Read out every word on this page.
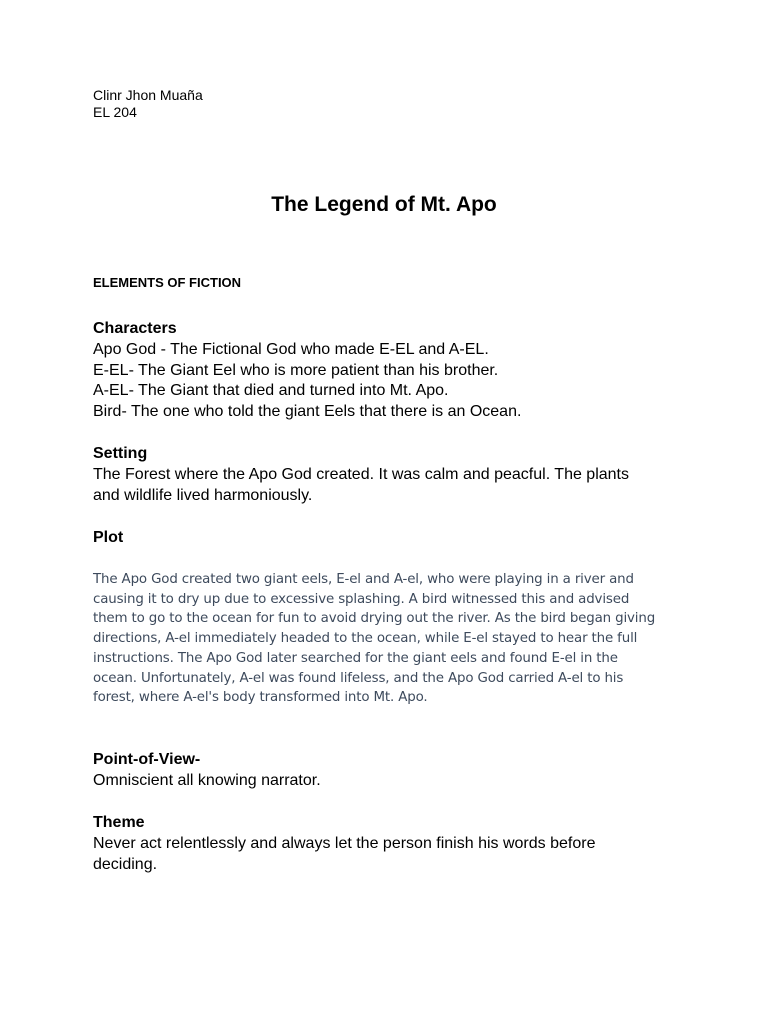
Clinr Jhon Muaña
EL 204
The Legend of Mt. Apo
ELEMENTS OF FICTION
Characters
Apo God - The Fictional God who made E-EL and A-EL.
E-EL- The Giant Eel who is more patient than his brother.
A-EL- The Giant that died and turned into Mt. Apo.
Bird- The one who told the giant Eels that there is an Ocean.
Setting
The Forest where the Apo God created. It was calm and peacful. The plants
and wildlife lived harmoniously.
Plot
The Apo God created two giant eels, E-el and A-el, who were playing in a river and
causing it to dry up due to excessive splashing. A bird witnessed this and advised
them to go to the ocean for fun to avoid drying out the river. As the bird began giving
directions, A-el immediately headed to the ocean, while E-el stayed to hear the full
instructions. The Apo God later searched for the giant eels and found E-el in the
ocean. Unfortunately, A-el was found lifeless, and the Apo God carried A-el to his
forest, where A-el's body transformed into Mt. Apo.
Point-of-View-
Omniscient all knowing narrator.
Theme
Never act relentlessly and always let the person finish his words before
deciding.
